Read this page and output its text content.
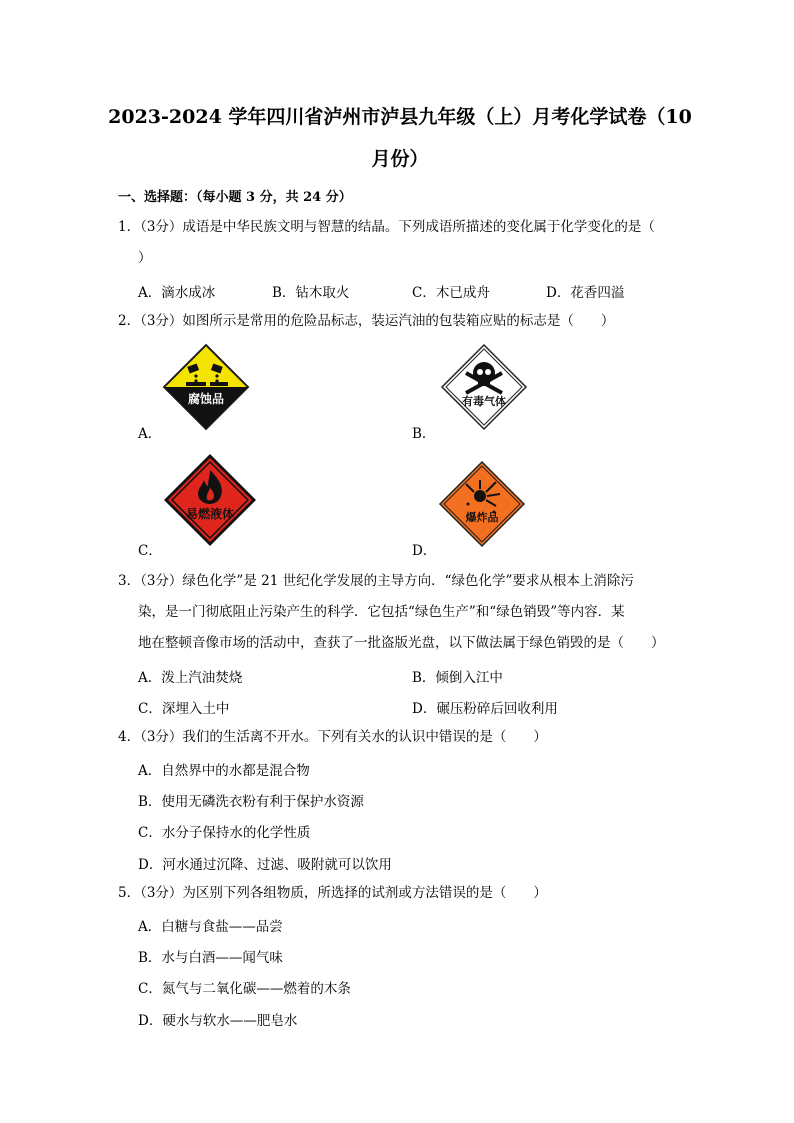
2023-2024 学年四川省泸州市泸县九年级（上）月考化学试卷（10
月份）
一、选择题：（每小题 3 分，共 24 分）
1．（3分）成语是中华民族文明与智慧的结晶。下列成语所描述的变化属于化学变化的是（
）
A．滴水成冰	B．钻木取火	C．木已成舟	D．花香四溢
2．（3分）如图所示是常用的危险品标志，装运汽油的包装箱应贴的标志是（　　）
腐蚀品
A．
有毒气体
B．
易燃液体
C．
爆炸品
D．
3．（3分）绿色化学”是 21 世纪化学发展的主导方向．“绿色化学”要求从根本上消除污
染，是一门彻底阻止污染产生的科学．它包括“绿色生产”和“绿色销毁”等内容．某
地在整顿音像市场的活动中，查获了一批盗版光盘，以下做法属于绿色销毁的是（　　）
A．泼上汽油焚烧	B．倾倒入江中
C．深埋入土中	D．碾压粉碎后回收利用
4．（3分）我们的生活离不开水。下列有关水的认识中错误的是（　　）
A．自然界中的水都是混合物
B．使用无磷洗衣粉有利于保护水资源
C．水分子保持水的化学性质
D．河水通过沉降、过滤、吸附就可以饮用
5．（3分）为区别下列各组物质，所选择的试剂或方法错误的是（　　）
A．白糖与食盐——品尝
B．水与白酒——闻气味
C．氮气与二氧化碳——燃着的木条
D．硬水与软水——肥皂水
